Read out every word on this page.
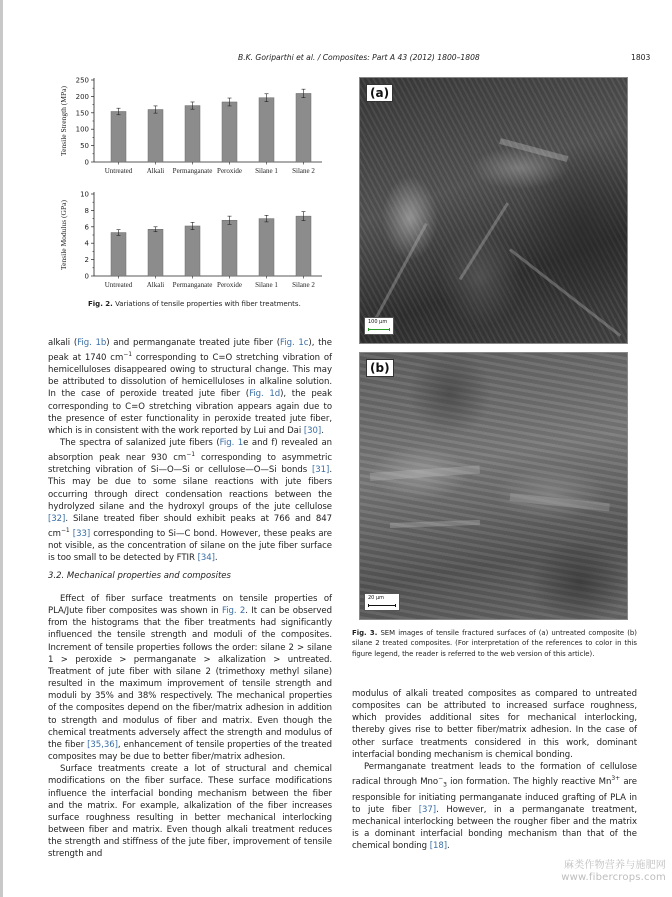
B.K. Goriparthi et al. / Composites: Part A 43 (2012) 1800–1808	1803
0
50
100
150
200
250
Untreated Alkali Permanganate Peroxide Silane 1 Silane 2
Tensile Strength (MPa)
0
2
4
6
8
10
Untreated Alkali Permanganate Peroxide Silane 1 Silane 2
Tensile Modulus (GPa)
Fig. 2. Variations of tensile properties with fiber treatments.

alkali (Fig. 1b) and permanganate treated jute fiber (Fig. 1c), the peak at 1740 $cm^{-1}$ corresponding to C=O stretching vibration of hemicelluloses disappeared owing to structural change. This may be attributed to dissolution of hemicelluloses in alkaline solution. In the case of peroxide treated jute fiber (Fig. 1d), the peak corresponding to C=O stretching vibration appears again due to the presence of ester functionality in peroxide treated jute fiber, which is in consistent with the work reported by Lui and Dai [30].

The spectra of salanized jute fibers (Fig. 1e and f) revealed an absorption peak near 930 $cm^{-1}$ corresponding to asymmetric stretching vibration of Si—O—Si or cellulose—O—Si bonds [31]. This may be due to some silane reactions with jute fibers occurring through direct condensation reactions between the hydrolyzed silane and the hydroxyl groups of the jute cellulose [32]. Silane treated fiber should exhibit peaks at 766 and 847 $cm^{-1}$ [33] corresponding to Si—C bond. However, these peaks are not visible, as the concentration of silane on the jute fiber surface is too small to be detected by FTIR [34].

3.2. Mechanical properties and composites

Effect of fiber surface treatments on tensile properties of PLA/Jute fiber composites was shown in Fig. 2. It can be observed from the histograms that the fiber treatments had significantly influenced the tensile strength and moduli of the composites. Increment of tensile properties follows the order: silane 2 > silane 1 > peroxide > permanganate > alkalization > untreated. Treatment of jute fiber with silane 2 (trimethoxy methyl silane) resulted in the maximum improvement of tensile strength and moduli by 35% and 38% respectively. The mechanical properties of the composites depend on the fiber/matrix adhesion in addition to strength and modulus of fiber and matrix. Even though the chemical treatments adversely affect the strength and modulus of the fiber [35,36], enhancement of tensile properties of the treated composites may be due to better fiber/matrix adhesion.

Surface treatments create a lot of structural and chemical modifications on the fiber surface. These surface modifications influence the interfacial bonding mechanism between the fiber and the matrix. For example, alkalization of the fiber increases surface roughness resulting in better mechanical interlocking between fiber and matrix. Even though alkali treatment reduces the strength and stiffness of the jute fiber, improvement of tensile strength and

(a)
100 µm
(b)
20 µm
Fig. 3. SEM images of tensile fractured surfaces of (a) untreated composite (b) silane 2 treated composites. (For interpretation of the references to color in this figure legend, the reader is referred to the web version of this article).

modulus of alkali treated composites as compared to untreated composites can be attributed to increased surface roughness, which provides additional sites for mechanical interlocking, thereby gives rise to better fiber/matrix adhesion. In the case of other surface treatments considered in this work, dominant interfacial bonding mechanism is chemical bonding.

Permanganate treatment leads to the formation of cellulose radical through Mno−$_3$ ion formation. The highly reactive $Mn^{3+}$ are responsible for initiating permanganate induced grafting of PLA in to jute fiber [37]. However, in a permanganate treatment, mechanical interlocking between the rougher fiber and the matrix is a dominant interfacial bonding mechanism than that of the chemical bonding [18].

麻类作物营养与施肥网
www.fibercrops.com
